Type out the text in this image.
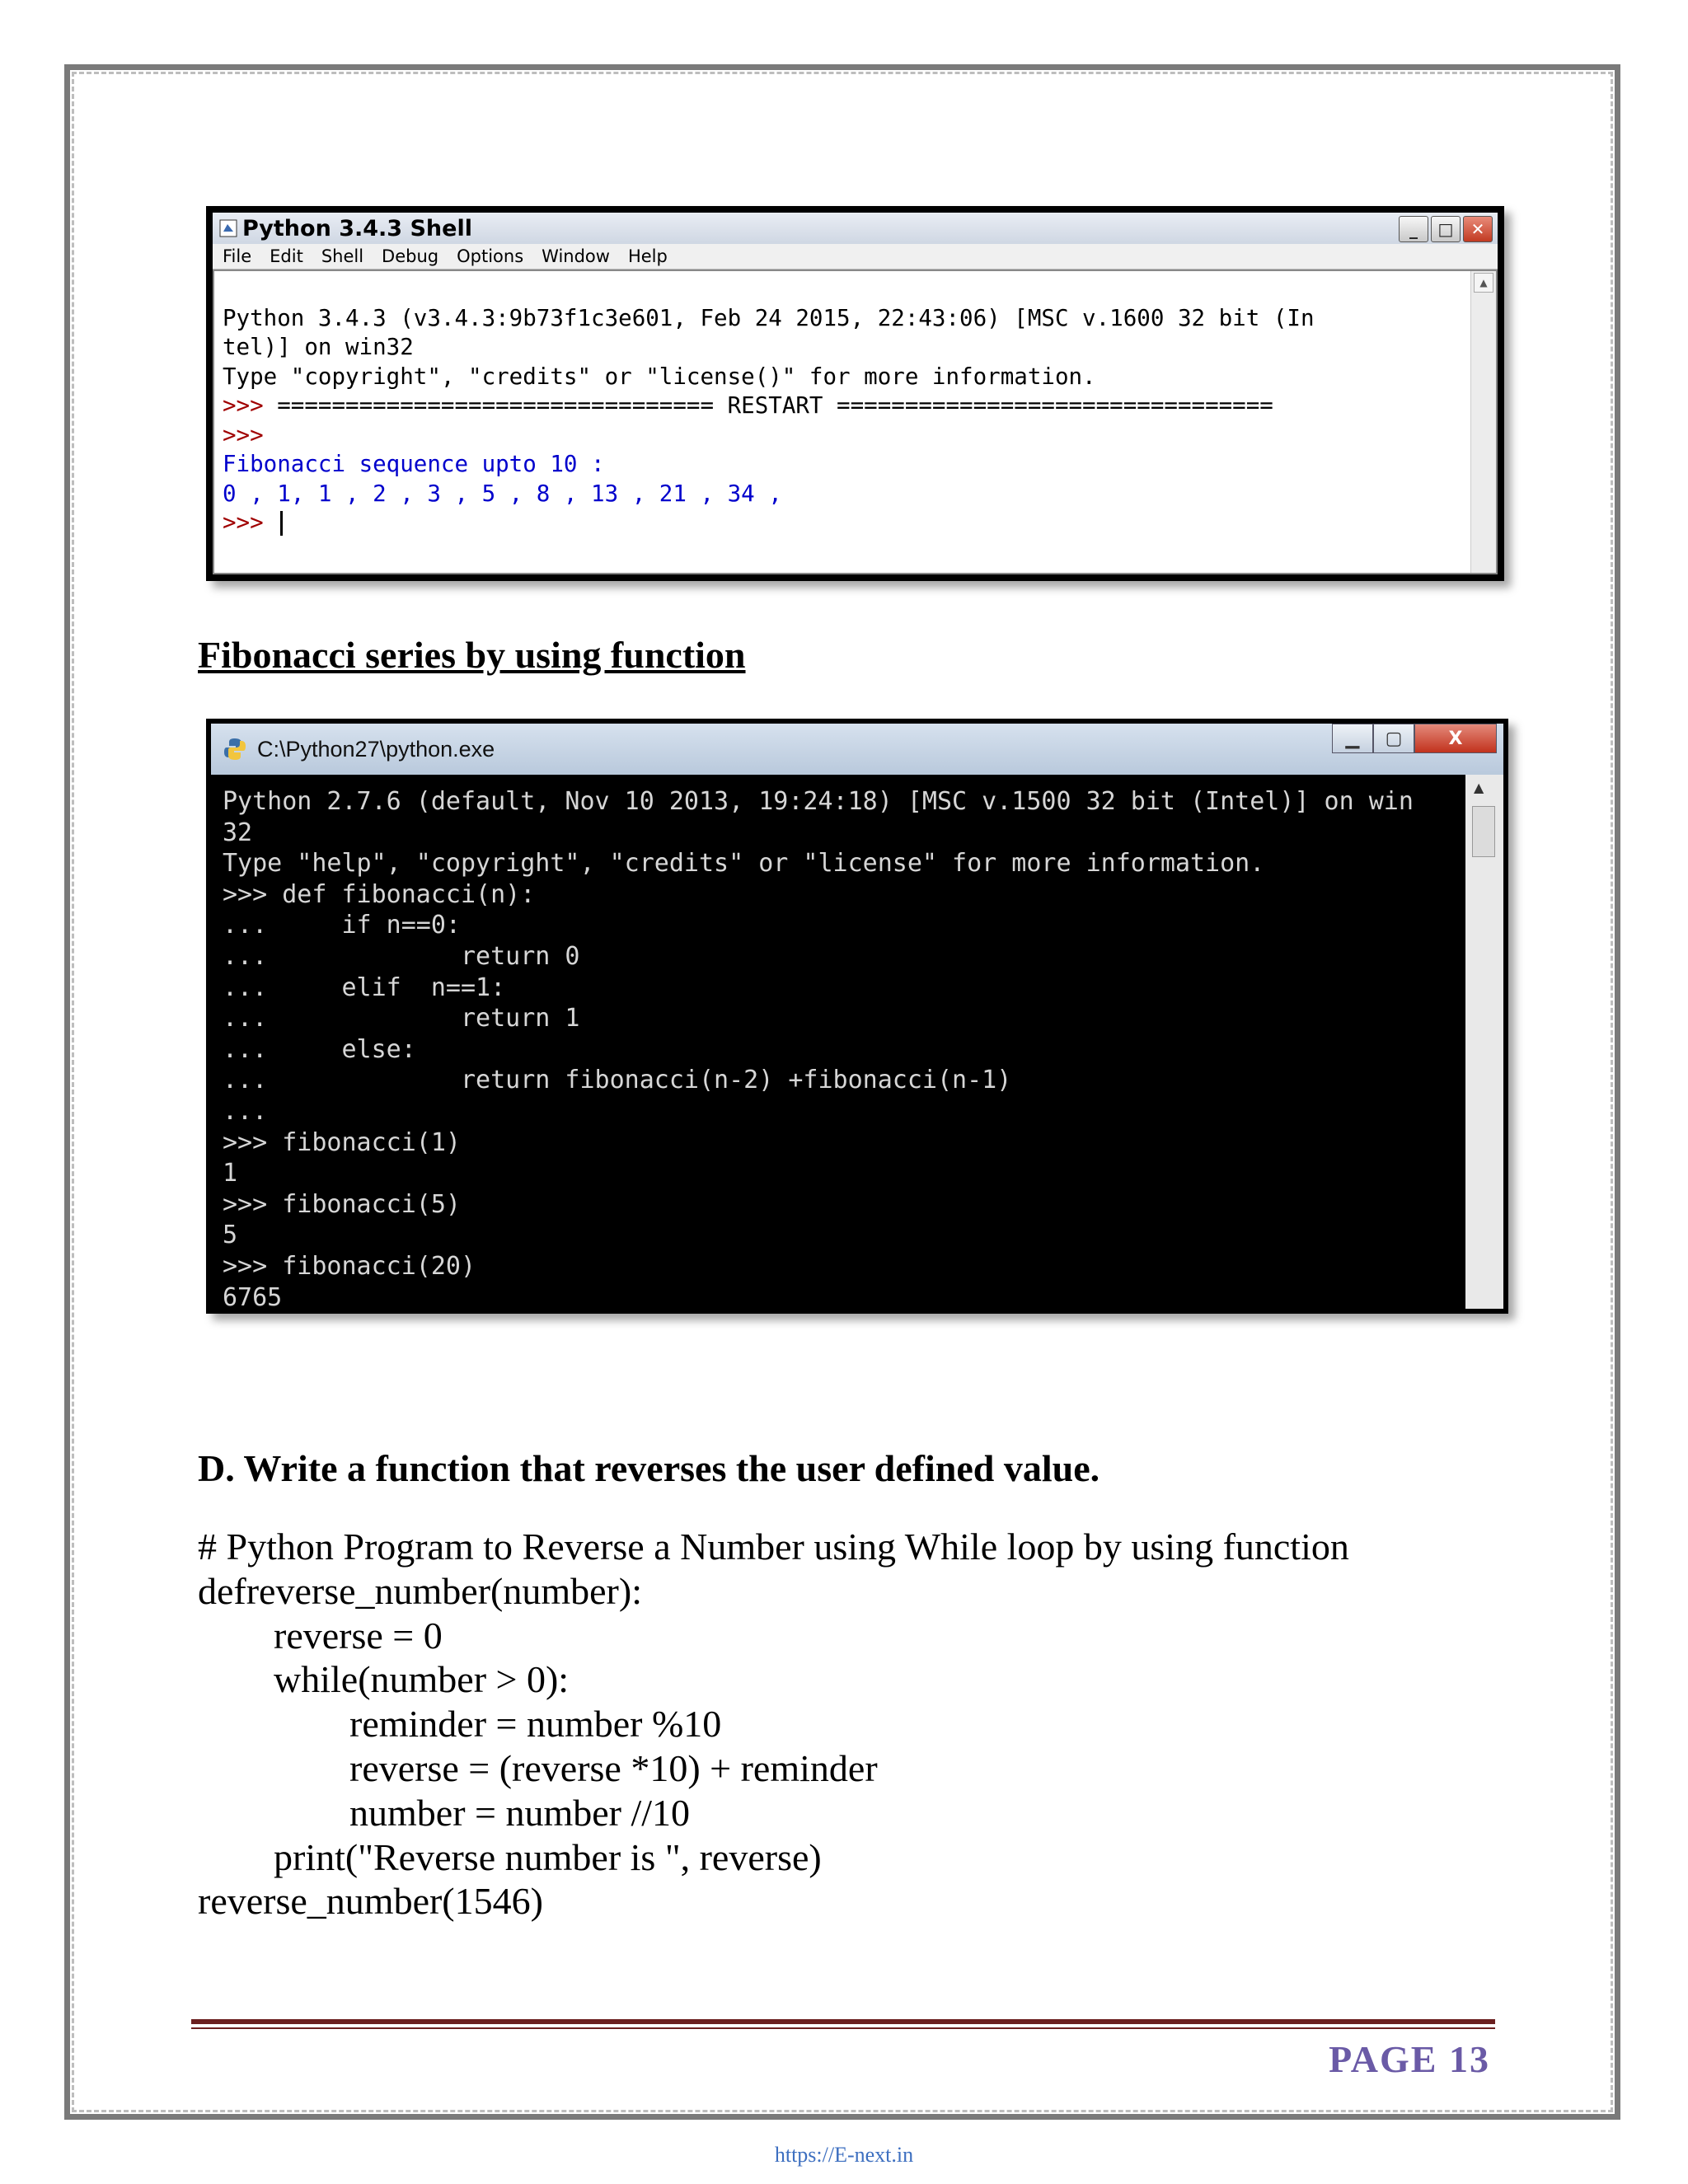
Python 3.4.3 Shell	_	□	✕
File Edit Shell Debug Options Window Help

Python 3.4.3 (v3.4.3:9b73f1c3e601, Feb 24 2015, 22:43:06) [MSC v.1600 32 bit (In
tel)] on win32
Type "copyright", "credits" or "license()" for more information.
>>> ================================ RESTART ================================
>>>
Fibonacci sequence upto 10 :
0 , 1, 1 , 2 , 3 , 5 , 8 , 13 , 21 , 34 ,
>>>

▲
Fibonacci series by using function
C:\Python27\python.exe	▁	▢	X
Python 2.7.6 (default, Nov 10 2013, 19:24:18) [MSC v.1500 32 bit (Intel)] on win
32
Type "help", "copyright", "credits" or "license" for more information.
>>> def fibonacci(n):
...     if n==0:
...             return 0
...     elif  n==1:
...             return 1
...     else:
...             return fibonacci(n-2) +fibonacci(n-1)
...
>>> fibonacci(1)
1
>>> fibonacci(5)
5
>>> fibonacci(20)
6765
▲
D. Write a function that reverses the user defined value.
# Python Program to Reverse a Number using While loop by using function
defreverse_number(number):
reverse = 0
while(number > 0):
reminder = number %10
reverse = (reverse *10) + reminder
number = number //10
print("Reverse number is ", reverse)
reverse_number(1546)
PAGE 13
https://E-next.in
